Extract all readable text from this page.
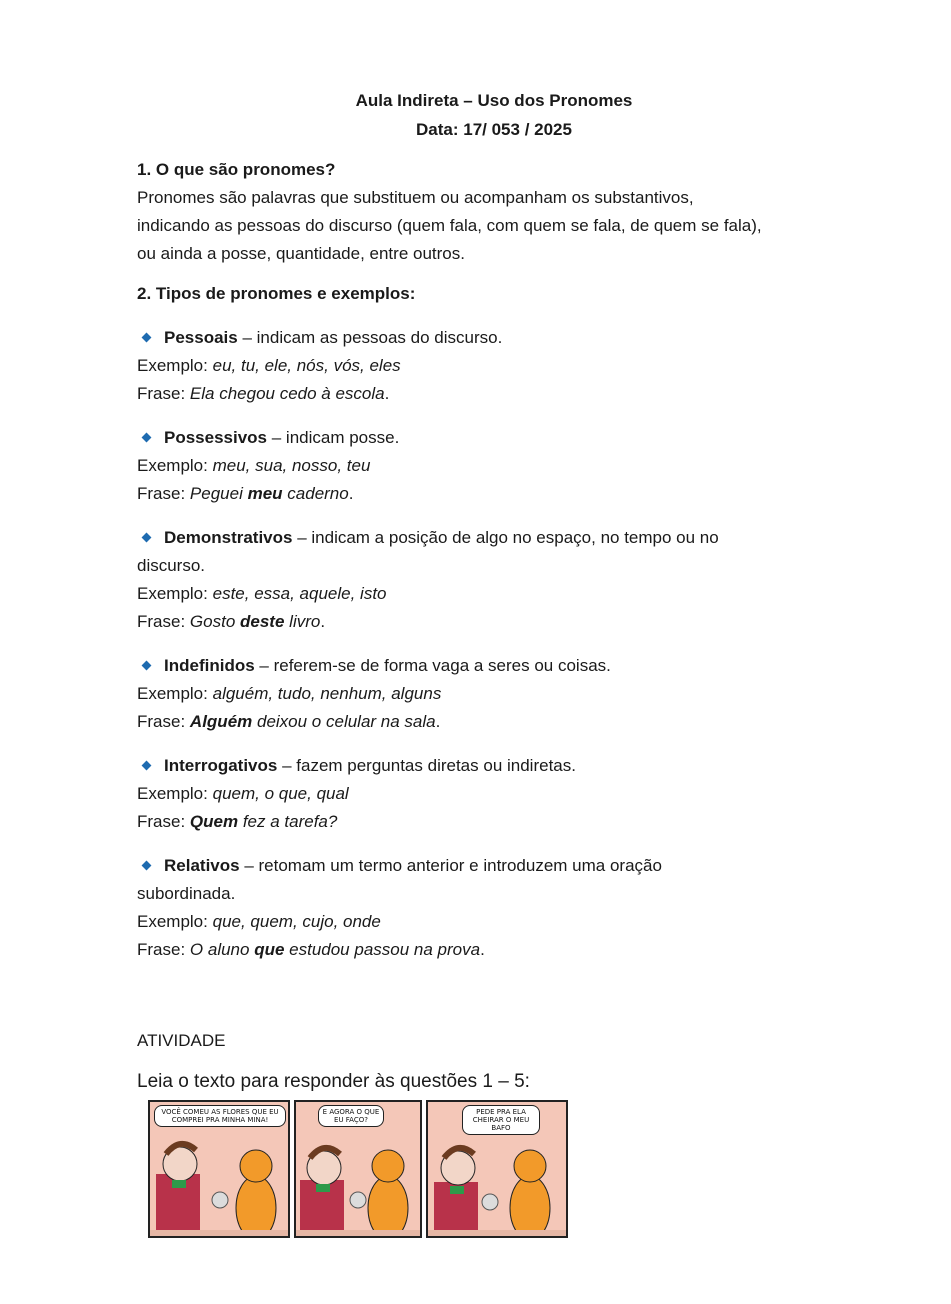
Aula Indireta – Uso dos Pronomes
Data: 17/ 053 / 2025
1. O que são pronomes?

Pronomes são palavras que substituem ou acompanham os substantivos,

indicando as pessoas do discurso (quem fala, com quem se fala, de quem se fala),

ou ainda a posse, quantidade, entre outros.

2. Tipos de pronomes e exemplos:

Pessoais – indicam as pessoas do discurso.

Exemplo: eu, tu, ele, nós, vós, eles

Frase: Ela chegou cedo à escola.

Possessivos – indicam posse.

Exemplo: meu, sua, nosso, teu

Frase: Peguei meu caderno.

Demonstrativos – indicam a posição de algo no espaço, no tempo ou no

discurso.

Exemplo: este, essa, aquele, isto

Frase: Gosto deste livro.

Indefinidos – referem-se de forma vaga a seres ou coisas.

Exemplo: alguém, tudo, nenhum, alguns

Frase: Alguém deixou o celular na sala.

Interrogativos – fazem perguntas diretas ou indiretas.

Exemplo: quem, o que, qual

Frase: Quem fez a tarefa?

Relativos – retomam um termo anterior e introduzem uma oração

subordinada.

Exemplo: que, quem, cujo, onde

Frase: O aluno que estudou passou na prova.

ATIVIDADE
Leia o texto para responder às questões 1 – 5:
VOCÊ COMEU AS FLORES QUE EU COMPREI PRA MINHA MINA!
E AGORA O QUE EU FAÇO?
PEDE PRA ELA CHEIRAR O MEU BAFO
